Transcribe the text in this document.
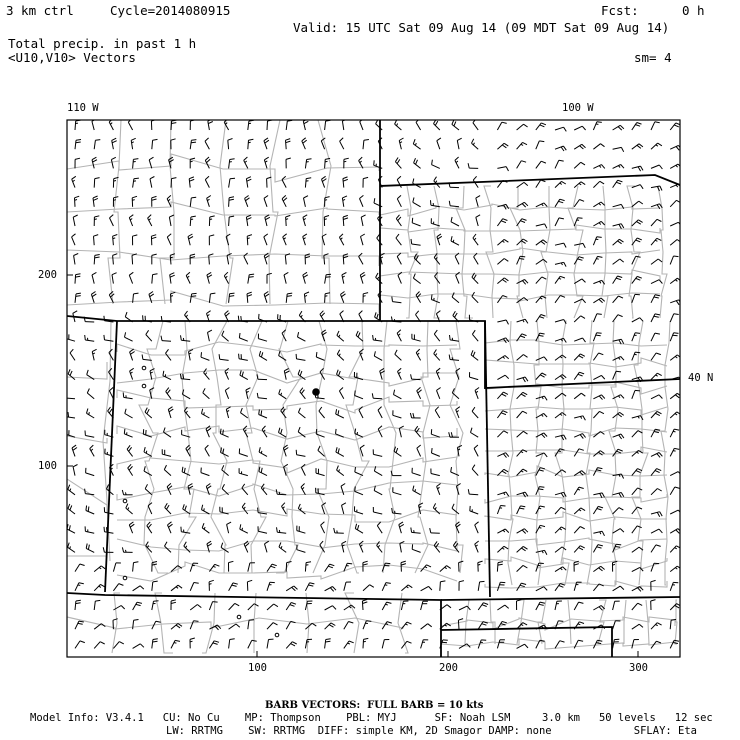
3 km ctrl	Cycle=2014080915	Fcst:	0 h
Valid: 15 UTC Sat 09 Aug 14 (09 MDT Sat 09 Aug 14)
Total precip. in past 1 h
<U10,V10> Vectors	sm= 4
110 W	100 W
40 N
200
100
100	200	300
BARB VECTORS:  FULL BARB = 10 kts
Model Info: V3.4.1   CU: No Cu    MP: Thompson    PBL: MYJ      SF: Noah LSM     3.0 km   50 levels   12 sec
LW: RRTMG    SW: RRTMG  DIFF: simple KM, 2D Smagor DAMP: none             SFLAY: Eta
